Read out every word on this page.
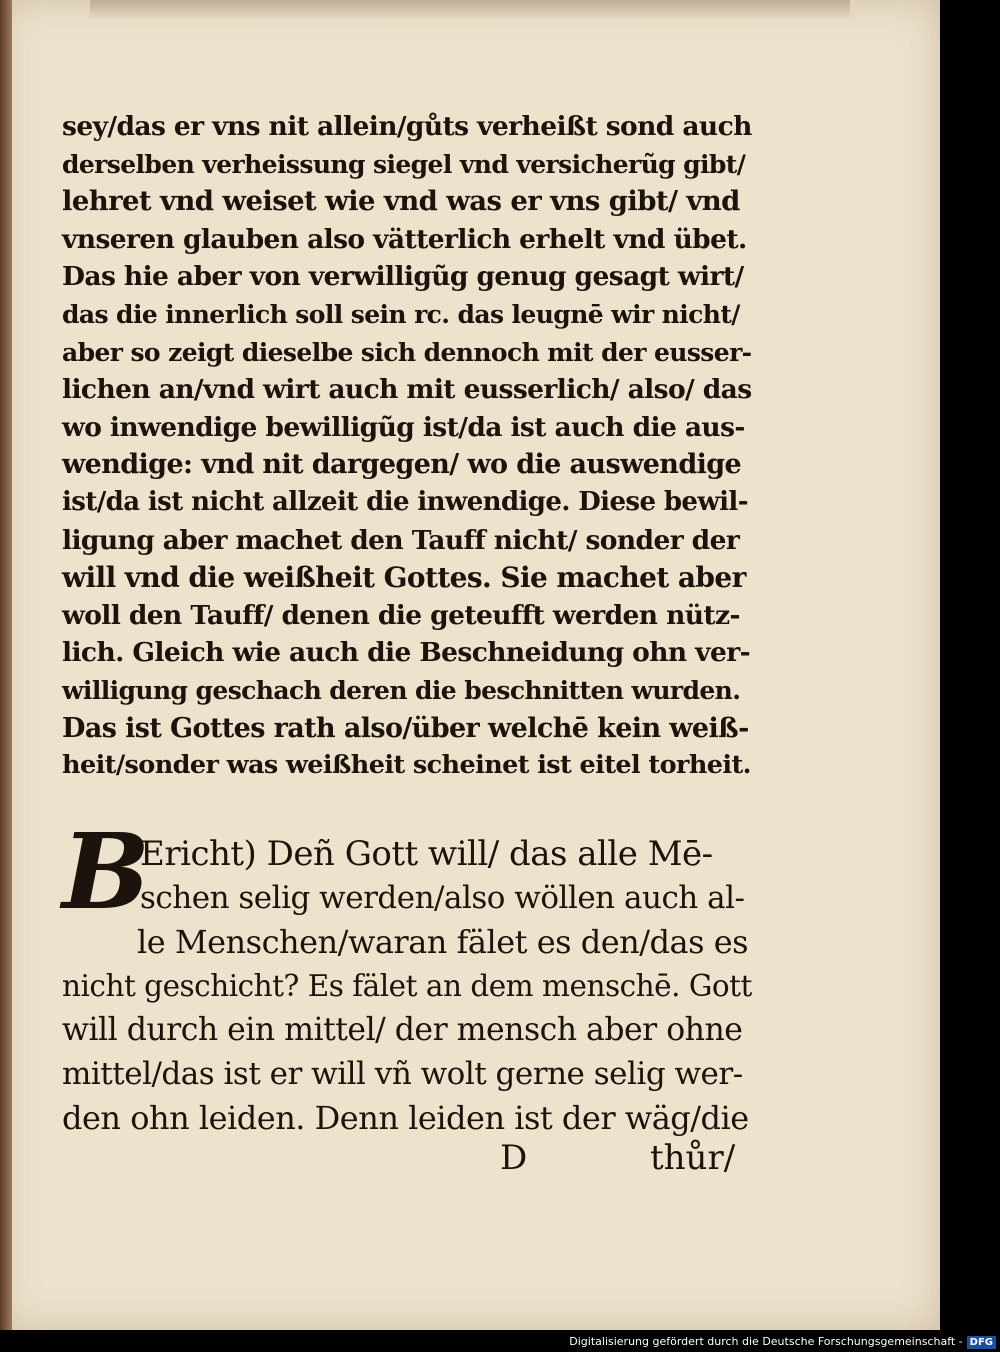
sey/das er vns nit allein/gůts verheißt sond auch
derselben verheissung siegel vnd versicherũg gibt/
lehret vnd weiset wie vnd was er vns gibt/ vnd
vnseren glauben also vätterlich erhelt vnd übet.
Das hie aber von verwilligũg genug gesagt wirt/
das die innerlich soll sein rc. das leugnē wir nicht/
aber so zeigt dieselbe sich dennoch mit der eusser-
lichen an/vnd wirt auch mit eusserlich/ also/ das
wo inwendige bewilligũg ist/da ist auch die aus-
wendige: vnd nit dargegen/ wo die auswendige
ist/da ist nicht allzeit die inwendige. Diese bewil-
ligung aber machet den Tauff nicht/ sonder der
will vnd die weißheit Gottes. Sie machet aber
woll den Tauff/ denen die geteufft werden nütz-
lich. Gleich wie auch die Beschneidung ohn ver-
willigung geschach deren die beschnitten wurden.
Das ist Gottes rath also/über welchē kein weiß-
heit/sonder was weißheit scheinet ist eitel torheit.
B
Ericht) Deñ Gott will/ das alle Mē-
schen selig werden/also wöllen auch al-
le Menschen/waran fälet es den/das es
nicht geschicht? Es fälet an dem menschē. Gott
will durch ein mittel/ der mensch aber ohne
mittel/das ist er will vñ wolt gerne selig wer-
den ohn leiden. Denn leiden ist der wäg/die
D	thůr/
Digitalisierung gefördert durch die Deutsche Forschungsgemeinschaft - DFG
